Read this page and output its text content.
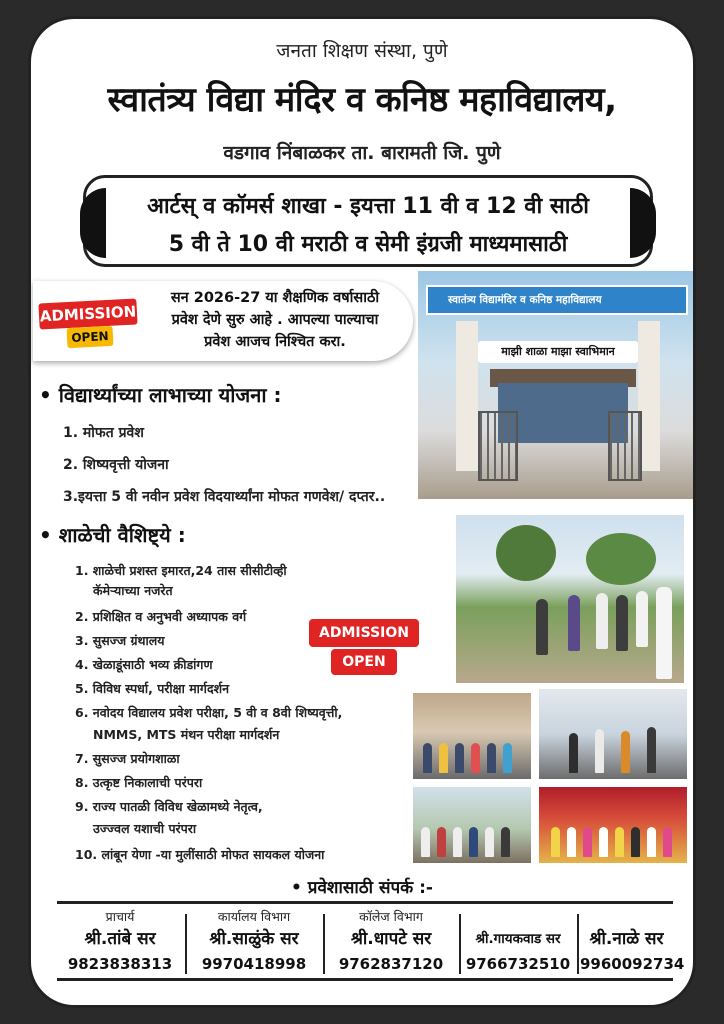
जनता शिक्षण संस्था, पुणे
स्वातंत्र्य विद्या मंदिर व कनिष्ठ महाविद्यालय,
वडगाव निंबाळकर ता. बारामती जि. पुणे
आर्टस् व कॉमर्स शाखा - इयत्ता 11 वी व 12 वी साठी
5 वी ते 10 वी मराठी व सेमी इंग्रजी माध्यमासाठी
ADMISSION
OPEN
सन 2026-27 या शैक्षणिक वर्षासाठी
प्रवेश देणे सुरु आहे . आपल्या पाल्याचा
प्रवेश आजच निश्चित करा.
स्वातंत्र्य विद्यामंदिर व कनिष्ठ महाविद्यालय
माझी शाळा माझा स्वाभिमान
• विद्यार्थ्यांच्या लाभाच्या योजना :
1. मोफत प्रवेश
2. शिष्यवृत्ती योजना
3.इयत्ता 5 वी नवीन प्रवेश विदयार्थ्यांना मोफत गणवेश/ दप्तर..
• शाळेची वैशिष्ट्ये :
1. शाळेची प्रशस्त इमारत,24 तास सीसीटीव्ही
कॅमेऱ्याच्या नजरेत
2. प्रशिक्षित व अनुभवी अध्यापक वर्ग
3. सुसज्ज ग्रंथालय
4. खेळाडूंसाठी भव्य क्रीडांगण
5. विविध स्पर्धा, परीक्षा मार्गदर्शन
6. नवोदय विद्यालय प्रवेश परीक्षा, 5 वी व 8वी शिष्यवृत्ती,
NMMS, MTS मंथन परीक्षा मार्गदर्शन
7. सुसज्ज प्रयोगशाळा
8. उत्कृष्ट निकालाची परंपरा
9. राज्य पातळी विविध खेळामध्ये नेतृत्व,
उज्ज्वल यशाची परंपरा
10. लांबून येणा -या मुलींसाठी मोफत सायकल योजना
ADMISSION
OPEN
• प्रवेशासाठी संपर्क :-
प्राचार्य
श्री.तांबे सर
9823838313
कार्यालय विभाग
श्री.साळुंके सर
9970418998
कॉलेज विभाग
श्री.धापटे सर
9762837120
श्री.गायकवाड सर
9766732510
श्री.नाळे सर
9960092734
